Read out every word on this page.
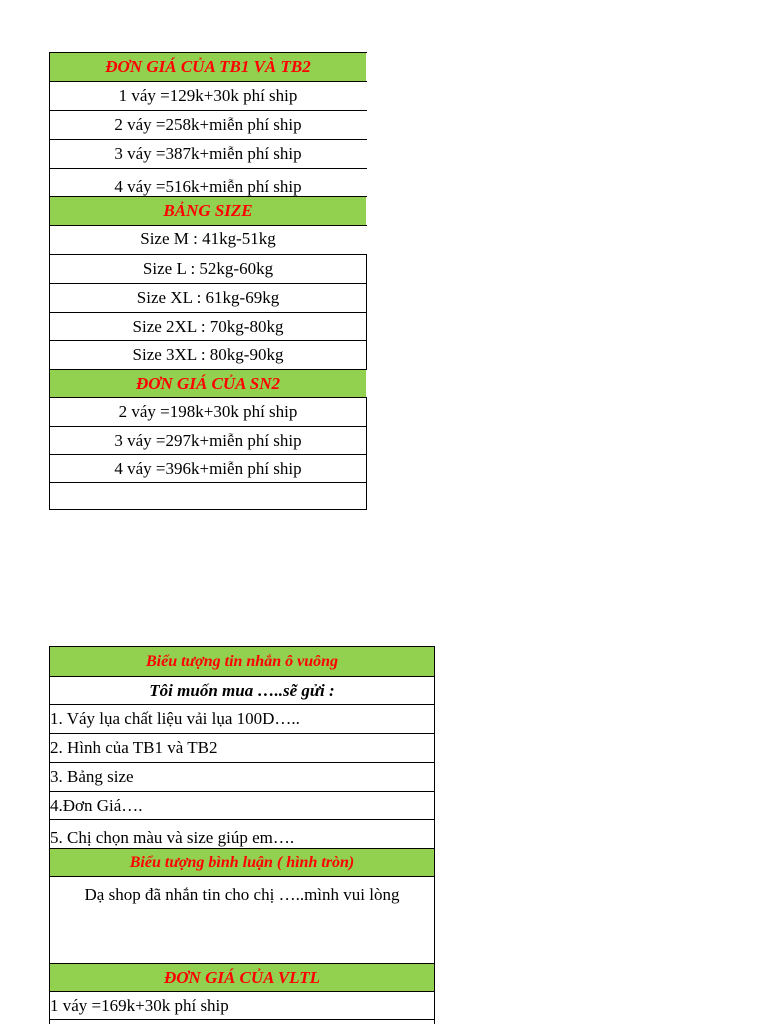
ĐƠN GIÁ CỦA TB1 VÀ TB2
1 váy =129k+30k phí ship
2 váy =258k+miễn phí ship
3 váy =387k+miễn phí ship
4 váy =516k+miễn phí ship
BẢNG SIZE
Size M : 41kg-51kg
Size L : 52kg-60kg
Size XL : 61kg-69kg
Size 2XL : 70kg-80kg
Size 3XL : 80kg-90kg
ĐƠN GIÁ CỦA SN2
2 váy =198k+30k phí ship
3 váy =297k+miễn phí ship
4 váy =396k+miễn phí ship
Biểu tượng tin nhắn ô vuông
Tôi muốn mua …..sẽ gửi :
1. Váy lụa chất liệu vải lụa 100D…..
2. Hình của TB1 và TB2
3. Bảng size
4.Đơn Giá….
5. Chị chọn màu và size giúp em….
Biểu tượng bình luận ( hình tròn)
Dạ shop đã nhắn tin cho chị …..mình vui lòng
ĐƠN GIÁ CỦA VLTL
1 váy =169k+30k phí ship
